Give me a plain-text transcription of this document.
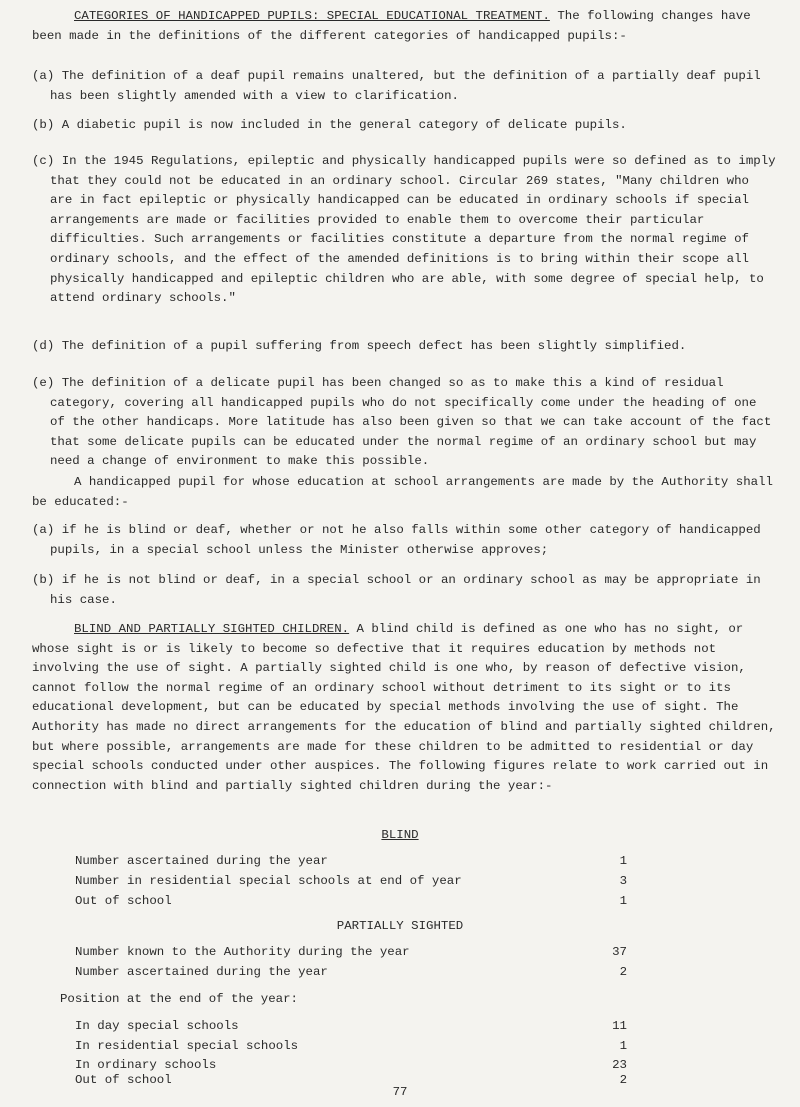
CATEGORIES OF HANDICAPPED PUPILS: SPECIAL EDUCATIONAL TREATMENT. The following changes have been made in the definitions of the different categories of handicapped pupils:-

(a) The definition of a deaf pupil remains unaltered, but the definition of a partially deaf pupil has been slightly amended with a view to clarification.

(b) A diabetic pupil is now included in the general category of delicate pupils.

(c) In the 1945 Regulations, epileptic and physically handicapped pupils were so defined as to imply that they could not be educated in an ordinary school. Circular 269 states, "Many children who are in fact epileptic or physically handicapped can be educated in ordinary schools if special arrangements are made or facilities provided to enable them to overcome their particular difficulties. Such arrangements or facilities constitute a departure from the normal regime of ordinary schools, and the effect of the amended definitions is to bring within their scope all physically handicapped and epileptic children who are able, with some degree of special help, to attend ordinary schools."

(d) The definition of a pupil suffering from speech defect has been slightly simplified.

(e) The definition of a delicate pupil has been changed so as to make this a kind of residual category, covering all handicapped pupils who do not specifically come under the heading of one of the other handicaps. More latitude has also been given so that we can take account of the fact that some delicate pupils can be educated under the normal regime of an ordinary school but may need a change of environment to make this possible.

A handicapped pupil for whose education at school arrangements are made by the Authority shall be educated:-

(a) if he is blind or deaf, whether or not he also falls within some other category of handicapped pupils, in a special school unless the Minister otherwise approves;

(b) if he is not blind or deaf, in a special school or an ordinary school as may be appropriate in his case.

BLIND AND PARTIALLY SIGHTED CHILDREN. A blind child is defined as one who has no sight, or whose sight is or is likely to become so defective that it requires education by methods not involving the use of sight. A partially sighted child is one who, by reason of defective vision, cannot follow the normal regime of an ordinary school without detriment to its sight or to its educational development, but can be educated by special methods involving the use of sight. The Authority has made no direct arrangements for the education of blind and partially sighted children, but where possible, arrangements are made for these children to be admitted to residential or day special schools conducted under other auspices. The following figures relate to work carried out in connection with blind and partially sighted children during the year:-

BLIND
Number ascertained during the year	1
Number in residential special schools at end of year	3
Out of school	1
PARTIALLY SIGHTED
Number known to the Authority during the year	37
Number ascertained during the year	2
Position at the end of the year:
In day special schools	11
In residential special schools	1
In ordinary schools	23
Out of school	2
77
